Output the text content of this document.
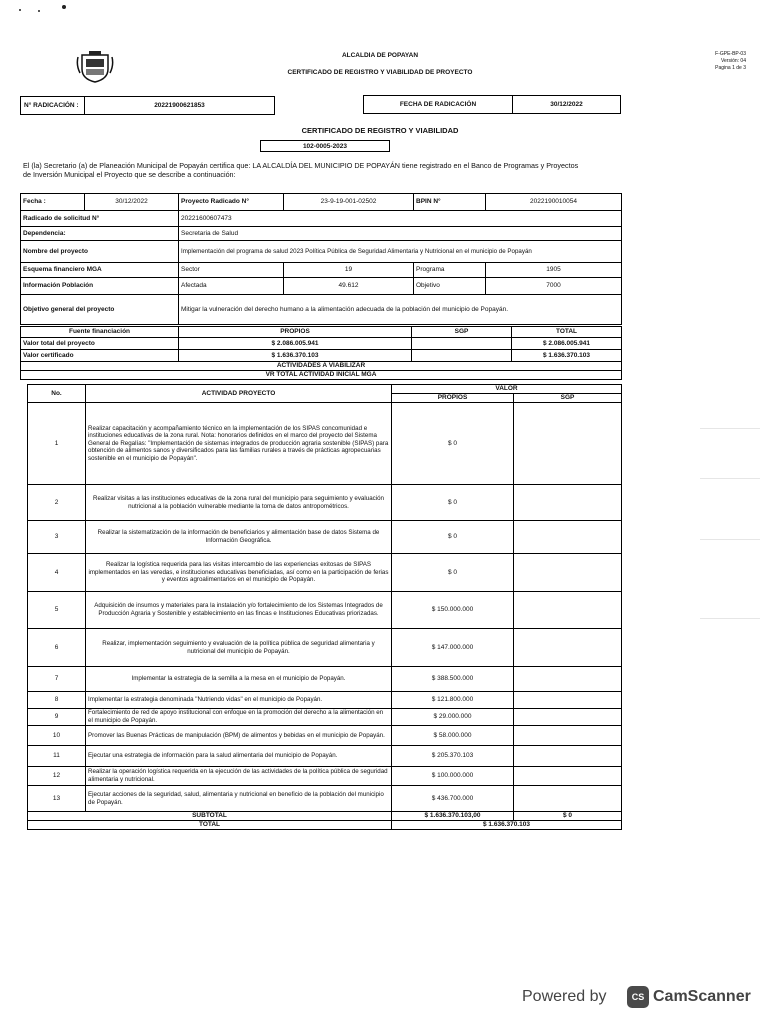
ALCALDIA DE POPAYAN
CERTIFICADO DE REGISTRO Y VIABILIDAD DE PROYECTO
F-GPE-BP-03
Versión: 04
Pagina 1 de 3
N° RADICACIÓN :	20221900621853	FECHA DE RADICACIÓN	30/12/2022
CERTIFICADO DE REGISTRO Y VIABILIDAD
102-0005-2023
El (la) Secretario (a) de Planeación Municipal de Popayán certifica que: LA ALCALDÍA DEL MUNICIPIO DE POPAYÁN tiene registrado en el Banco de Programas y Proyectos de Inversión Municipal el Proyecto que se describe a continuación:
Fecha :	30/12/2022	Proyecto Radicado N°	23-9-19-001-02502	BPIN N°	2022190010054
Radicado de solicitud N°		20221600607473			
Dependencia:		Secretaria de Salud			
Nombre del proyecto		Implementación del programa de salud 2023 Política Pública de Seguridad Alimentaria y Nutricional en el municipio de Popayán			
Esquema financiero MGA		Sector	19	Programa	1905
Información Población		Afectada	49.612	Objetivo	7000
Objetivo general del proyecto		Mitigar la vulneración del derecho humano a la alimentación adecuada de la población del municipio de Popayán.			
Fuente financiación	PROPIOS	SGP	TOTAL
Valor total del proyecto	$ 2.086.005.941		$ 2.086.005.941
Valor certificado	$ 1.636.370.103		$ 1.636.370.103
ACTIVIDADES A VIABILIZAR			
VR TOTAL ACTIVIDAD INICIAL MGA			
No.	ACTIVIDAD PROYECTO	VALOR	
		PROPIOS	SGP
1	Realizar capacitación y acompañamiento técnico en la implementación de los SIPAS concomunidad e instituciones educativas de la zona rural. Nota: honorarios definidos en el marco del proyecto del Sistema General de Regalías: "Implementación de sistemas integrados de producción agraria sostenible (SIPAS) para obtención de alimentos sanos y diversificados para las familias rurales a través de prácticas agropecuarias sostenible en el municipio de Popayán".	$ 0	
2	Realizar visitas a las instituciones educativas de la zona rural del municipio para seguimiento y evaluación nutricional a la población vulnerable mediante la toma de datos antropométricos.	$ 0	
3	Realizar la sistematización de la información de beneficiarios y alimentación base de datos Sistema de Información Geográfica.	$ 0	
4	Realizar la logística requerida para las visitas intercambio de las experiencias exitosas de SIPAS implementados en las veredas, e instituciones educativas beneficiadas, así como en la participación de ferias y eventos agroalimentarios en el municipio de Popayán.	$ 0	
5	Adquisición de insumos y materiales para la instalación y/o fortalecimiento de los Sistemas Integrados de Producción Agraria y Sostenible y establecimiento en las fincas e Instituciones Educativas priorizadas.	$ 150.000.000	
6	Realizar, implementación seguimiento y evaluación de la política pública de seguridad alimentaria y nutricional del municipio de Popayán.	$ 147.000.000	
7	Implementar la estrategia de la semilla a la mesa en el municipio de Popayán.	$ 388.500.000	
8	Implementar la estrategia denominada "Nutriendo vidas" en el municipio de Popayán.	$ 121.800.000	
9	Fortalecimiento de red de apoyo institucional con enfoque en la promoción del derecho a la alimentación en el municipio de Popayán.	$ 29.000.000	
10	Promover las Buenas Prácticas de manipulación (BPM) de alimentos y bebidas en el municipio de Popayán.	$ 58.000.000	
11	Ejecutar una estrategia de información para la salud alimentaria del municipio de Popayán.	$ 205.370.103	
12	Realizar la operación logística requerida en la ejecución de las actividades de la política pública de seguridad alimentaria y nutricional.	$ 100.000.000	
13	Ejecutar acciones de la seguridad, salud, alimentaria y nutricional en beneficio de la población del municipio de Popayán.	$ 436.700.000	
SUBTOTAL		$ 1.636.370.103,00	$ 0
TOTAL		$ 1.636.370.103	
Powered by	CS CamScanner
